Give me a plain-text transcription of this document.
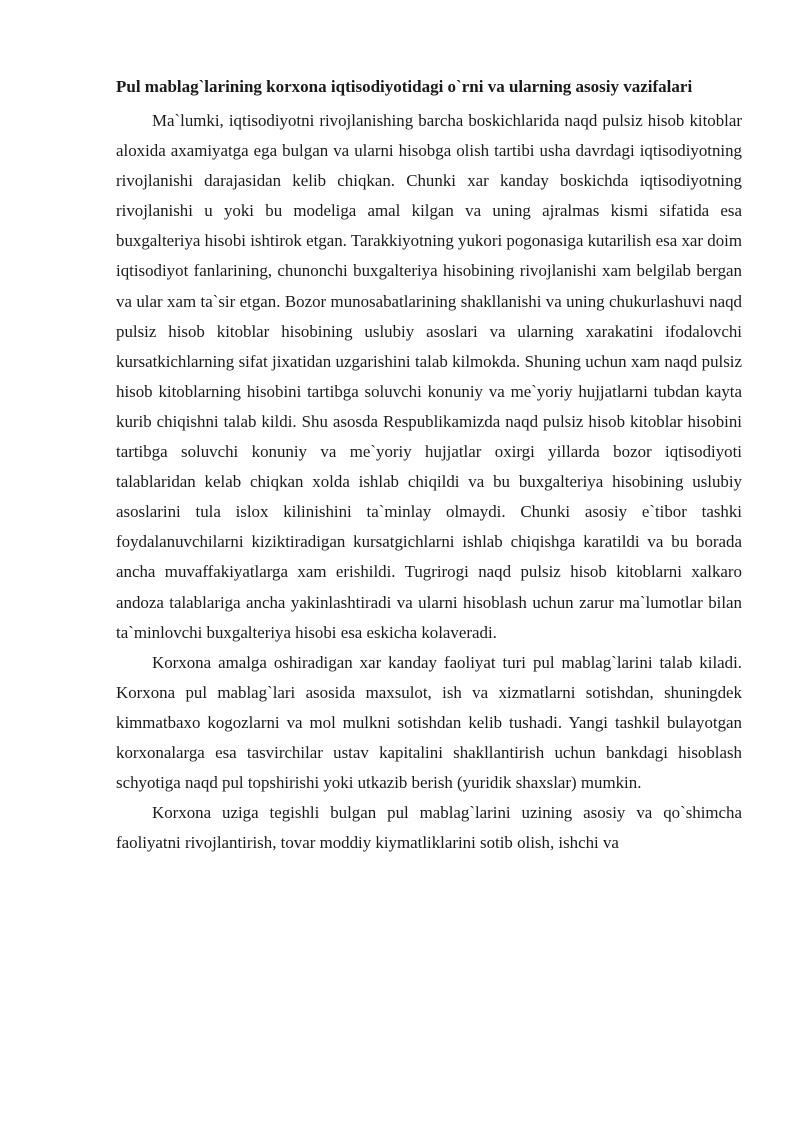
Pul mablag`larining korxona iqtisodiyotidagi o`rni va ularning asosiy vazifalari

Ma`lumki, iqtisodiyotni rivojlanishing barcha boskichlarida naqd pulsiz hisob kitoblar aloxida axamiyatga ega bulgan va ularni hisobga olish tartibi usha davrdagi iqtisodiyotning rivojlanishi darajasidan kelib chiqkan. Chunki xar kanday boskichda iqtisodiyotning rivojlanishi u yoki bu modeliga amal kilgan va uning ajralmas kismi sifatida esa buxgalteriya hisobi ishtirok etgan. Tarakkiyotning yukori pogonasiga kutarilish esa xar doim iqtisodiyot fanlarining, chunonchi buxgalteriya hisobining rivojlanishi xam belgilab bergan va ular xam ta`sir etgan. Bozor munosabatlarining shakllanishi va uning chukurlashuvi naqd pulsiz hisob kitoblar hisobining uslubiy asoslari va ularning xarakatini ifodalovchi kursatkichlarning sifat jixatidan uzgarishini talab kilmokda. Shuning uchun xam naqd pulsiz hisob kitoblarning hisobini tartibga soluvchi konuniy va me`yoriy hujjatlarni tubdan kayta kurib chiqishni talab kildi. Shu asosda Respublikamizda naqd pulsiz hisob kitoblar hisobini tartibga soluvchi konuniy va me`yoriy hujjatlar oxirgi yillarda bozor iqtisodiyoti talablaridan kelab chiqkan xolda ishlab chiqildi va bu buxgalteriya hisobining uslubiy asoslarini tula islox kilinishini ta`minlay olmaydi. Chunki asosiy e`tibor tashki foydalanuvchilarni kiziktiradigan kursatgichlarni ishlab chiqishga karatildi va bu borada ancha muvaffakiyatlarga xam erishildi. Tugrirogi naqd pulsiz hisob kitoblarni xalkaro andoza talablariga ancha yakinlashtiradi va ularni hisoblash uchun zarur ma`lumotlar bilan ta`minlovchi buxgalteriya hisobi esa eskicha kolaveradi.

Korxona amalga oshiradigan xar kanday faoliyat turi pul mablag`larini talab kiladi. Korxona pul mablag`lari asosida maxsulot, ish va xizmatlarni sotishdan, shuningdek kimmatbaxo kogozlarni va mol mulkni sotishdan kelib tushadi. Yangi tashkil bulayotgan korxonalarga esa tasvirchilar ustav kapitalini shakllantirish uchun bankdagi hisoblash schyotiga naqd pul topshirishi yoki utkazib berish (yuridik shaxslar) mumkin.

Korxona uziga tegishli bulgan pul mablag`larini uzining asosiy va qo`shimcha faoliyatni rivojlantirish, tovar moddiy kiymatliklarini sotib olish, ishchi va
